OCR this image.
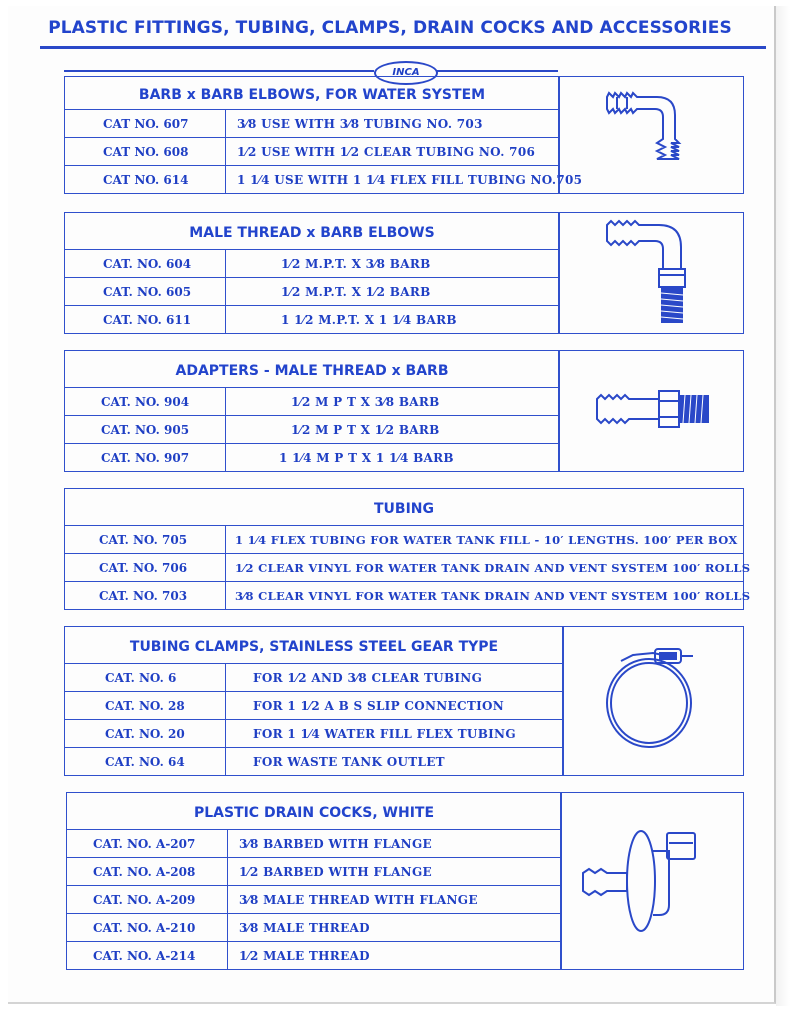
PLASTIC FITTINGS, TUBING, CLAMPS, DRAIN COCKS AND ACCESSORIES
INCA
BARB x BARB ELBOWS, FOR WATER SYSTEM
CAT NO. 607	3⁄8 USE WITH 3⁄8 TUBING NO. 703
CAT NO. 608	1⁄2 USE WITH 1⁄2 CLEAR TUBING NO. 706
CAT NO. 614	1 1⁄4 USE WITH 1 1⁄4 FLEX FILL TUBING NO.705
MALE THREAD x BARB ELBOWS
CAT. NO. 604	1⁄2 M.P.T. X 3⁄8 BARB
CAT. NO. 605	1⁄2 M.P.T. X 1⁄2 BARB
CAT. NO. 611	1 1⁄2 M.P.T. X 1 1⁄4 BARB
ADAPTERS - MALE THREAD x BARB
CAT. NO. 904	1⁄2 M P T X 3⁄8 BARB
CAT. NO. 905	1⁄2 M P T X 1⁄2 BARB
CAT. NO. 907	1 1⁄4 M P T X 1 1⁄4 BARB
TUBING
CAT. NO. 705	1 1⁄4 FLEX TUBING FOR WATER TANK FILL - 10′ LENGTHS. 100′ PER BOX
CAT. NO. 706	1⁄2 CLEAR VINYL FOR WATER TANK DRAIN AND VENT SYSTEM 100′ ROLLS
CAT. NO. 703	3⁄8 CLEAR VINYL FOR WATER TANK DRAIN AND VENT SYSTEM 100′ ROLLS
TUBING CLAMPS, STAINLESS STEEL GEAR TYPE
CAT. NO. 6	FOR 1⁄2 AND 3⁄8 CLEAR TUBING
CAT. NO. 28	FOR 1 1⁄2 A B S SLIP CONNECTION
CAT. NO. 20	FOR 1 1⁄4 WATER FILL FLEX TUBING
CAT. NO. 64	FOR WASTE TANK OUTLET
PLASTIC DRAIN COCKS, WHITE
CAT. NO. A-207	3⁄8 BARBED WITH FLANGE
CAT. NO. A-208	1⁄2 BARBED WITH FLANGE
CAT. NO. A-209	3⁄8 MALE THREAD WITH FLANGE
CAT. NO. A-210	3⁄8 MALE THREAD
CAT. NO. A-214	1⁄2 MALE THREAD
